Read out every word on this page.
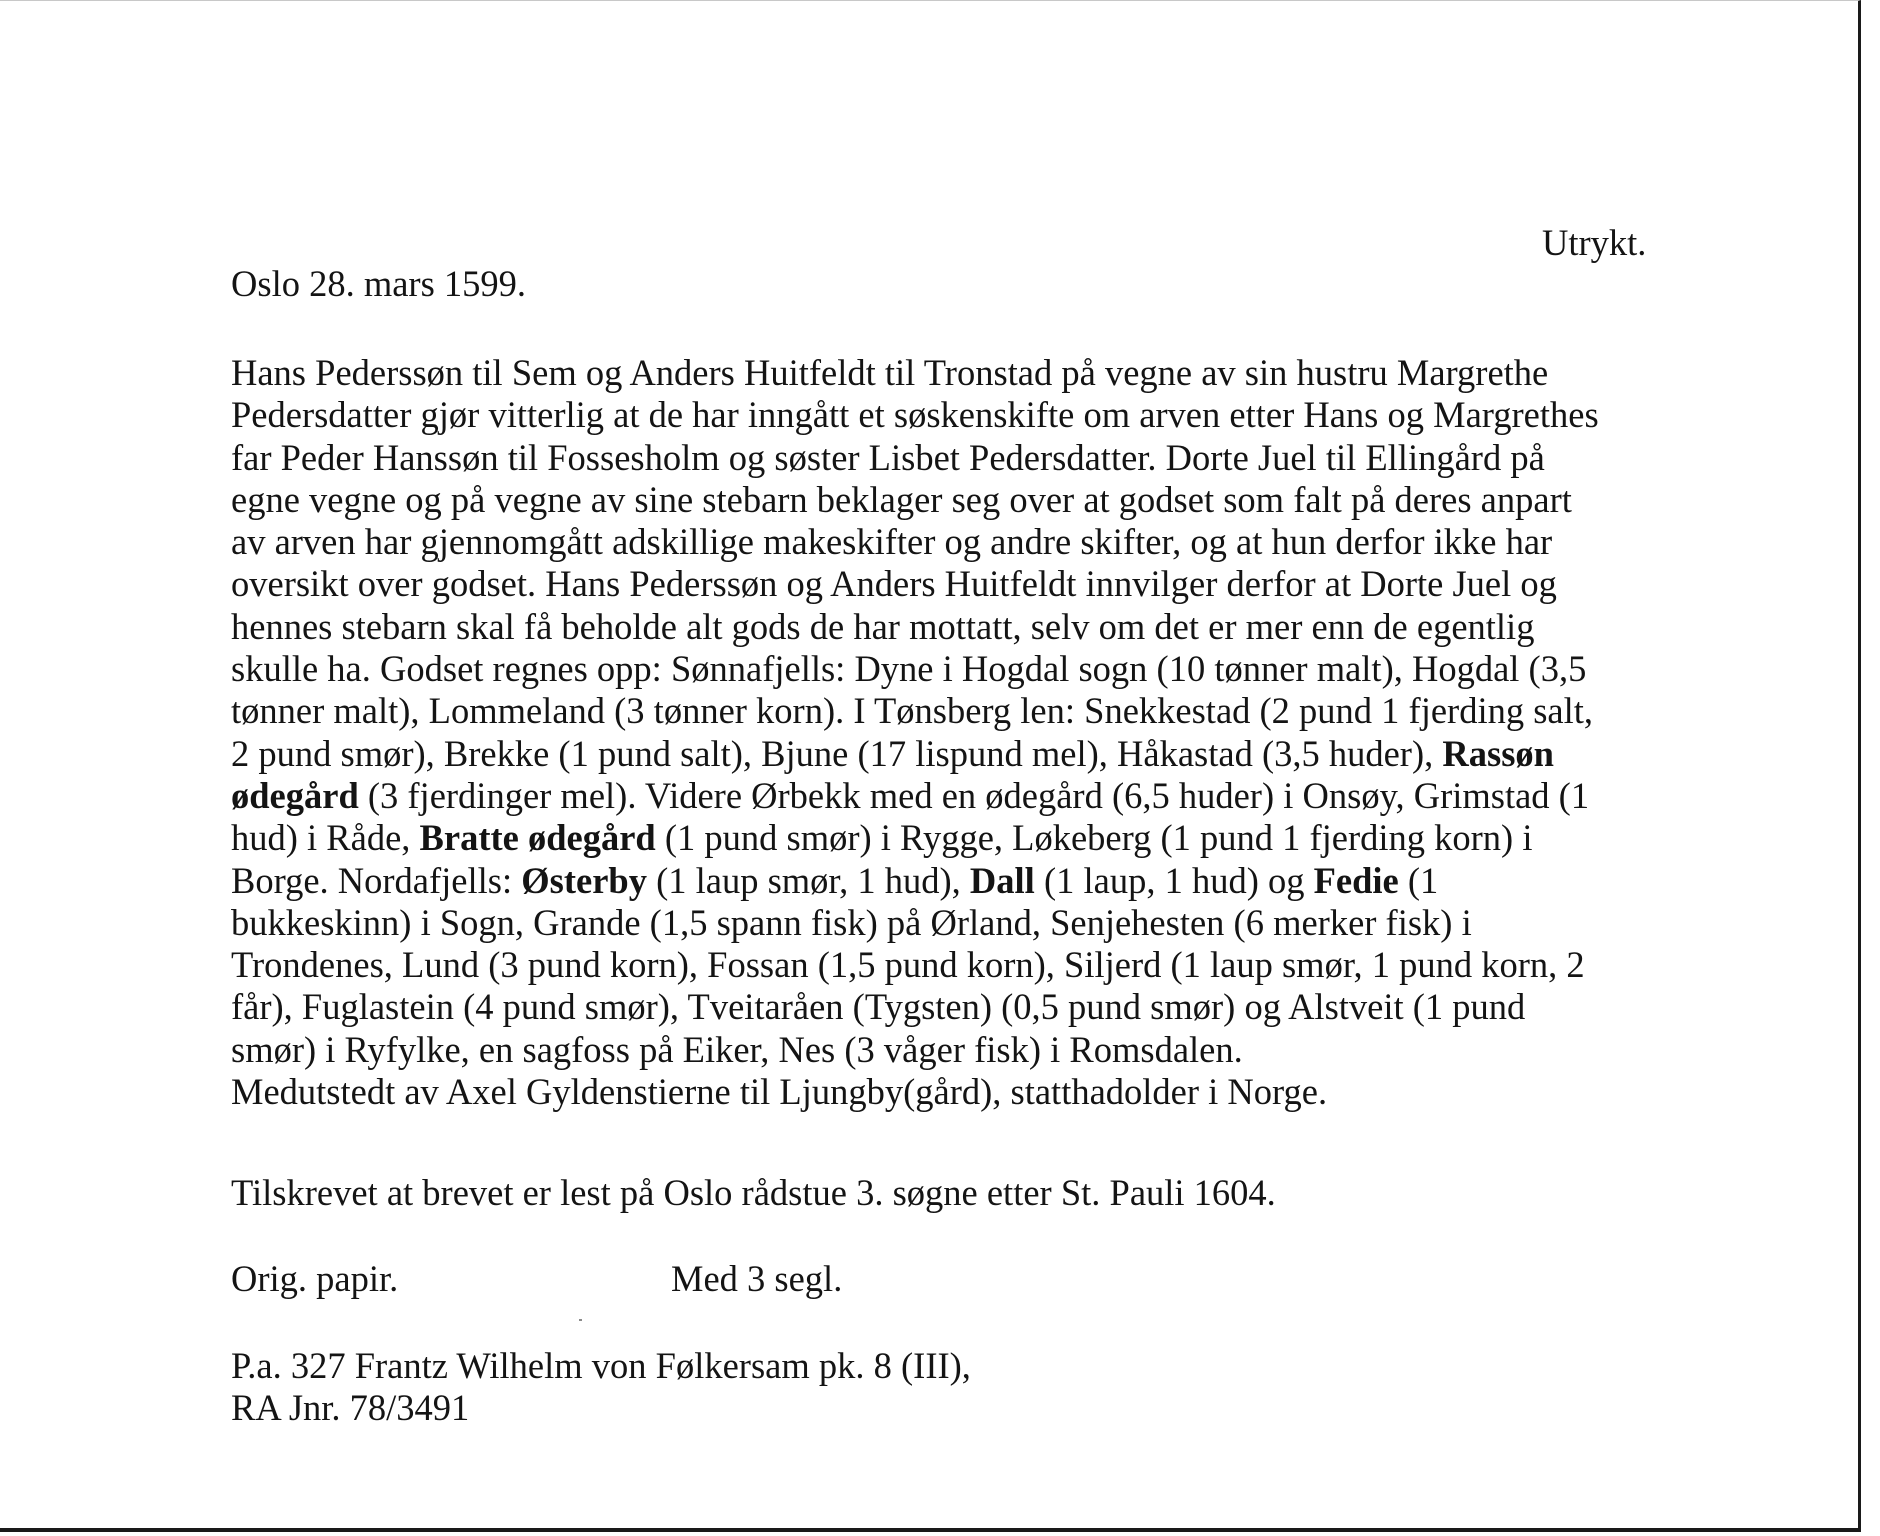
Utrykt.
Oslo 28. mars 1599.
Hans Pederssøn til Sem og Anders Huitfeldt til Tronstad på vegne av sin hustru Margrethe
Pedersdatter gjør vitterlig at de har inngått et søskenskifte om arven etter Hans og Margrethes
far Peder Hanssøn til Fossesholm og søster Lisbet Pedersdatter. Dorte Juel til Ellingård på
egne vegne og på vegne av sine stebarn beklager seg over at godset som falt på deres anpart
av arven har gjennomgått adskillige makeskifter og andre skifter, og at hun derfor ikke har
oversikt over godset. Hans Pederssøn og Anders Huitfeldt innvilger derfor at Dorte Juel og
hennes stebarn skal få beholde alt gods de har mottatt, selv om det er mer enn de egentlig
skulle ha. Godset regnes opp: Sønnafjells: Dyne i Hogdal sogn (10 tønner malt), Hogdal (3,5
tønner malt), Lommeland (3 tønner korn). I Tønsberg len: Snekkestad (2 pund 1 fjerding salt,
2 pund smør), Brekke (1 pund salt), Bjune (17 lispund mel), Håkastad (3,5 huder), Rassøn
ødegård (3 fjerdinger mel). Videre Ørbekk med en ødegård (6,5 huder) i Onsøy, Grimstad (1
hud) i Råde, Bratte ødegård (1 pund smør) i Rygge, Løkeberg (1 pund 1 fjerding korn) i
Borge. Nordafjells: Østerby (1 laup smør, 1 hud), Dall (1 laup, 1 hud) og Fedie (1
bukkeskinn) i Sogn, Grande (1,5 spann fisk) på Ørland, Senjehesten (6 merker fisk) i
Trondenes, Lund (3 pund korn), Fossan (1,5 pund korn), Siljerd (1 laup smør, 1 pund korn, 2
får), Fuglastein (4 pund smør), Tveitaråen (Tygsten) (0,5 pund smør) og Alstveit (1 pund
smør) i Ryfylke, en sagfoss på Eiker, Nes (3 våger fisk) i Romsdalen.
Medutstedt av Axel Gyldenstierne til Ljungby(gård), statthadolder i Norge.
Tilskrevet at brevet er lest på Oslo rådstue 3. søgne etter St. Pauli 1604.
Orig. papir.	Med 3 segl.
P.a. 327 Frantz Wilhelm von Følkersam pk. 8 (III),
RA Jnr. 78/3491
